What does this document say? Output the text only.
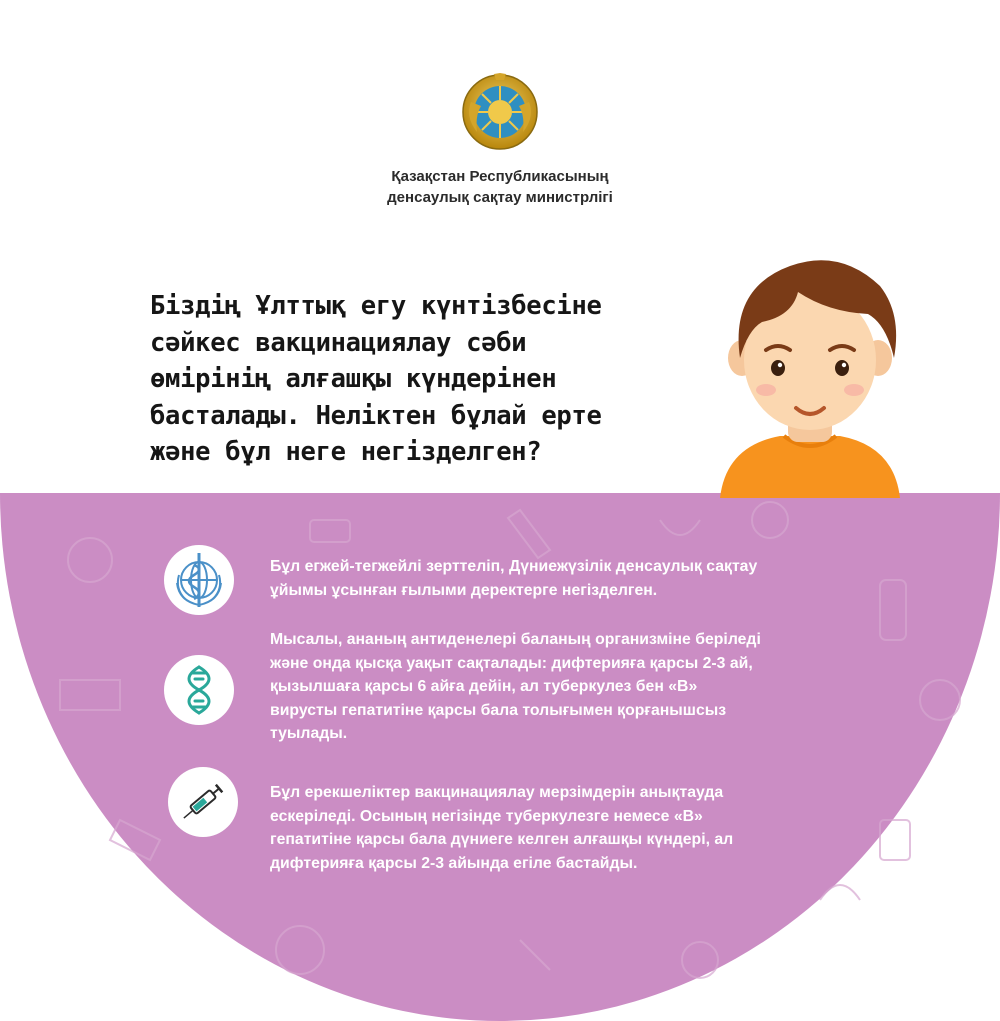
Қазақстан Республикасының
денсаулық сақтау министрлігі
Біздің Ұлттық егу күнтізбесіне
сәйкес вакцинациялау сәби
өмірінің алғашқы күндерінен
басталады. Неліктен бұлай ерте
және бұл неге негізделген?
Бұл егжей-тегжейлі зерттеліп, Дүниежүзілік денсаулық сақтау
ұйымы ұсынған ғылыми деректерге негізделген.
Мысалы, ананың антиденелері баланың организміне беріледі
және онда қысқа уақыт сақталады: дифтерияға қарсы 2-3 ай,
қызылшаға қарсы 6 айға дейін, ал туберкулез бен «В»
вирусты гепатитіне қарсы бала толығымен қорғанышсыз
туылады.
Бұл ерекшеліктер вакцинациялау мерзімдерін анықтауда
ескеріледі. Осының негізінде туберкулезге немесе «В»
гепатитіне қарсы бала дүниеге келген алғашқы күндері, ал
дифтерияға қарсы 2-3 айында егіле бастайды.
